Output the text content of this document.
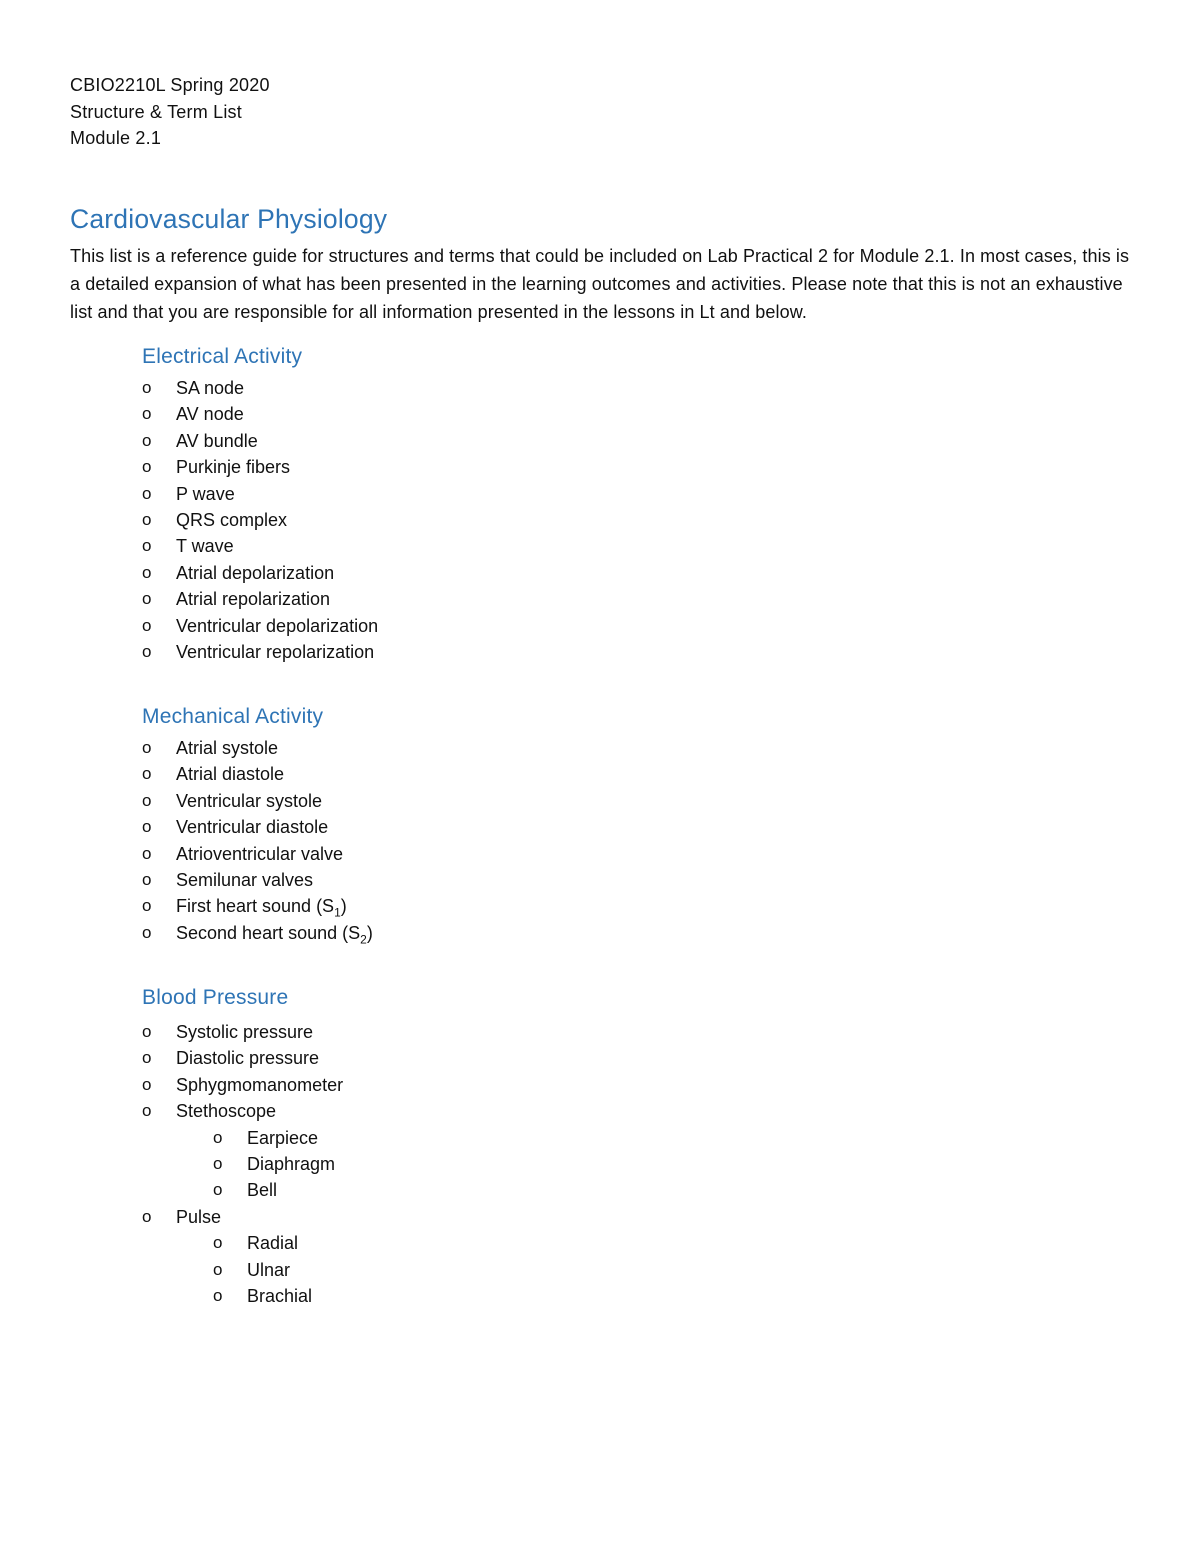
CBIO2210L Spring 2020
Structure & Term List
Module 2.1
Cardiovascular Physiology

This list is a reference guide for structures and terms that could be included on Lab Practical 2 for Module 2.1. In most cases, this is a detailed expansion of what has been presented in the learning outcomes and activities. Please note that this is not an exhaustive list and that you are responsible for all information presented in the lessons in Lt and below.

Electrical Activity
o	SA node
o	AV node
o	AV bundle
o	Purkinje fibers
o	P wave
o	QRS complex
o	T wave
o	Atrial depolarization
o	Atrial repolarization
o	Ventricular depolarization
o	Ventricular repolarization
Mechanical Activity
o	Atrial systole
o	Atrial diastole
o	Ventricular systole
o	Ventricular diastole
o	Atrioventricular valve
o	Semilunar valves
o	First heart sound $(S_1)$
o	Second heart sound $(S_2)$
Blood Pressure
o	Systolic pressure
o	Diastolic pressure
o	Sphygmomanometer
o	Stethoscope
o	Earpiece
o	Diaphragm
o	Bell
o	Pulse
o	Radial
o	Ulnar
o	Brachial
